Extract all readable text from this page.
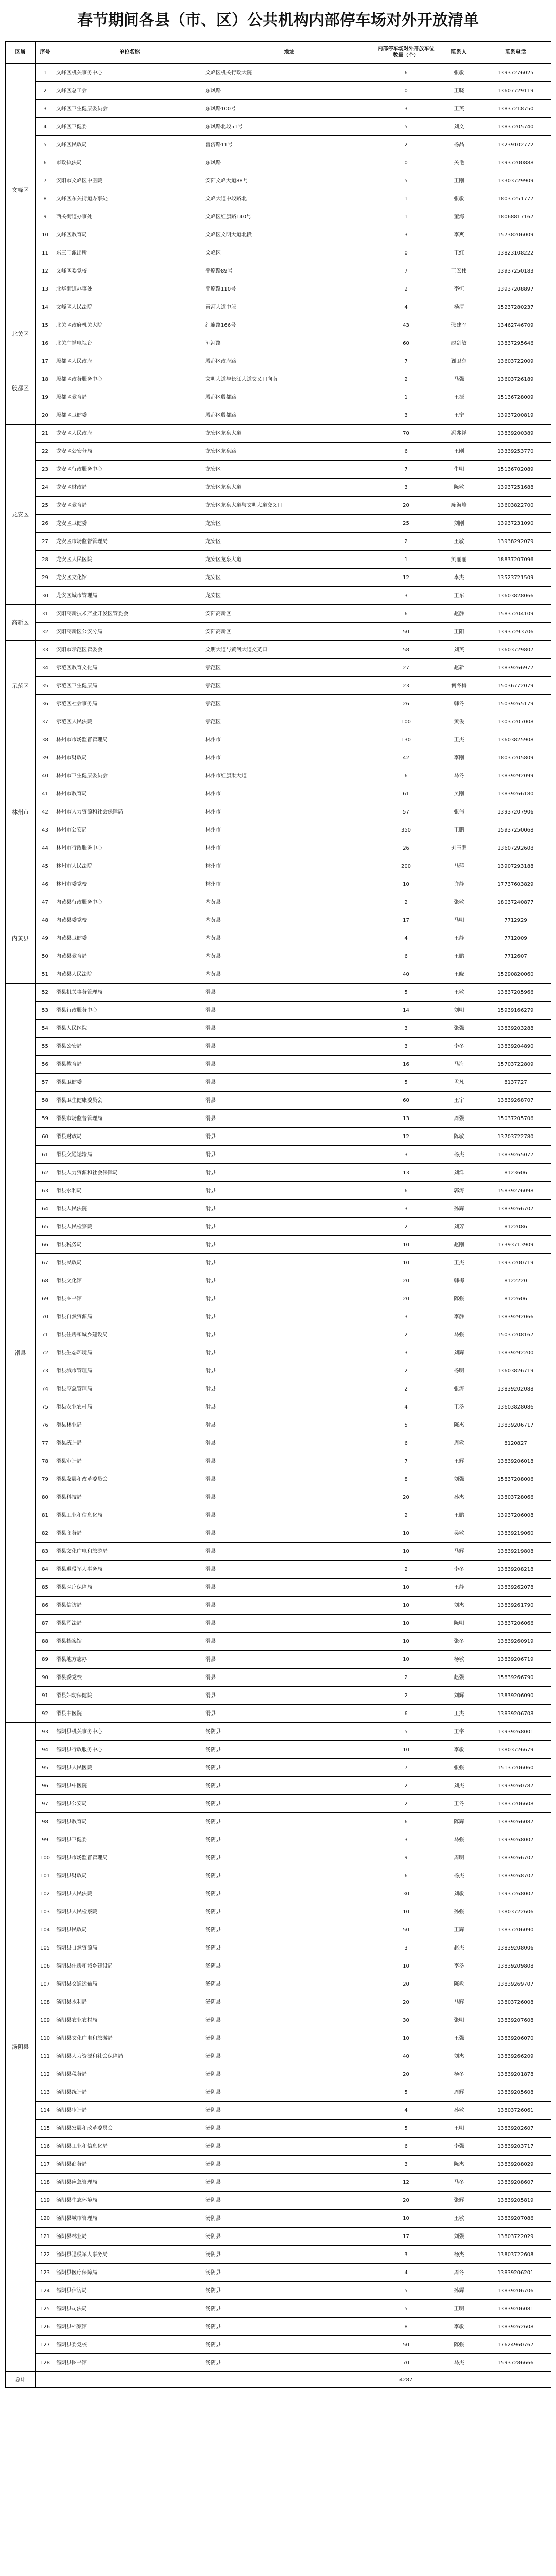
春节期间各县（市、区）公共机构内部停车场对外开放清单
区属	序号	单位名称	地址	内部停车场对外开放车位数量（个）	联系人	联系电话
文峰区	1	文峰区机关事务中心	文峰区机关行政大院	6	张敏	13937276025
	2	文峰区总工会	东风路	0	王晓	13607729119
	3	文峰区卫生健康委员会	东风路100号	3	王英	13837218750
	4	文峰区卫健委	东风路北段51号	5	刘文	13837205740
	5	文峰区民政局	普济路11号	2	杨晶	13239102772
	6	市政执法局	东风路	0	关艳	13937200888
	7	安阳市文峰区中医院	安阳文峰大道88号	5	王刚	13303729909
	8	文峰区东关街道办事处	文峰大道中段路北	1	张敏	18037251777
	9	西关街道办事处	文峰区红旗路140号	1	董海	18068817167
	10	文峰区教育局	文峰区文明大道北段	3	李爽	15738206009
	11	东三门派出所	文峰区	0	王红	13823108222
	12	文峰区委党校	平原路89号	7	王宏伟	13937250183
	13	北华街道办事处	平原路110号	2	李恒	13937208897
	14	文峰区人民法院	黄河大道中段	4	杨清	15237280237
北关区	15	北关区政府机关大院	红旗路166号	43	张建军	13462746709
	16	北关广播电视台	洹河路	60	赵剑敏	13837295646
殷都区	17	殷都区人民政府	殷都区政府路	7	谢卫东	13603722009
	18	殷都区政务服务中心	文明大道与长江大道交叉口向南	2	马强	13603726189
	19	殷都区教育局	殷都区殷都路	1	王振	15136728009
	20	殷都区卫健委	殷都区殷都路	3	王宁	13937200819
龙安区	21	龙安区人民政府	龙安区龙泉大道	70	冯兆祥	13839200389
	22	龙安区公安分局	龙安区龙泉路	6	王刚	13339253770
	23	龙安区行政服务中心	龙安区	7	牛明	15136702089
	24	龙安区财政局	龙安区龙泉大道	3	陈敏	13937251688
	25	龙安区教育局	龙安区龙泉大道与文明大道交叉口	20	庞海峰	13603822700
	26	龙安区卫健委	龙安区	25	刘刚	13937231090
	27	龙安区市场监督管理局	龙安区	2	王敏	13938292079
	28	龙安区人民医院	龙安区龙泉大道	1	刘丽丽	18837207096
	29	龙安区文化馆	龙安区	12	李杰	13523721509
	30	龙安区城市管理局	龙安区	3	王东	13603828066
高新区	31	安阳高新技术产业开发区管委会	安阳高新区	6	赵静	15837204109
	32	安阳高新区公安分局	安阳高新区	50	王阳	13937293706
示范区	33	安阳市示范区管委会	文明大道与黄河大道交叉口	58	刘英	13603729807
	34	示范区教育文化局	示范区	27	赵新	13839266977
	35	示范区卫生健康局	示范区	23	何冬梅	15036772079
	36	示范区社会事务局	示范区	26	韩冬	15039265179
	37	示范区人民法院	示范区	100	黄俊	13037207008
林州市	38	林州市市场监督管理局	林州市	130	王杰	13603825908
	39	林州市财政局	林州市	42	李刚	18037205809
	40	林州市卫生健康委员会	林州市红旗渠大道	6	马冬	13839292099
	41	林州市教育局	林州市	61	吴刚	13839266180
	42	林州市人力资源和社会保障局	林州市	57	张伟	13937207906
	43	林州市公安局	林州市	350	王鹏	15937250068
	44	林州市行政服务中心	林州市	26	刘玉鹏	13607292608
	45	林州市人民法院	林州市	200	马萍	13907293188
	46	林州市委党校	林州市	10	许静	17737603829
内黄县	47	内黄县行政服务中心	内黄县	2	张敏	18037240877
	48	内黄县委党校	内黄县	17	马明	7712929
	49	内黄县卫健委	内黄县	4	王静	7712009
	50	内黄县教育局	内黄县	6	王鹏	7712607
	51	内黄县人民法院	内黄县	40	王晓	15290820060
滑县	52	滑县机关事务管理局	滑县	5	王敏	13837205966
	53	滑县行政服务中心	滑县	14	刘明	15939166279
	54	滑县人民医院	滑县	3	张强	13839203288
	55	滑县公安局	滑县	3	李冬	13839204890
	56	滑县教育局	滑县	16	马海	15703722809
	57	滑县卫健委	滑县	5	孟凡	8137727
	58	滑县卫生健康委员会	滑县	60	王宇	13839268707
	59	滑县市场监督管理局	滑县	13	周强	15037205706
	60	滑县财政局	滑县	12	陈敏	13703722780
	61	滑县交通运输局	滑县	3	杨杰	13839265077
	62	滑县人力资源和社会保障局	滑县	13	刘洋	8123606
	63	滑县水利局	滑县	6	郭涛	15839276098
	64	滑县人民法院	滑县	3	孙辉	13839266707
	65	滑县人民检察院	滑县	2	刘芳	8122086
	66	滑县税务局	滑县	10	赵刚	17393713909
	67	滑县民政局	滑县	10	王杰	13937200719
	68	滑县文化馆	滑县	20	韩梅	8122220
	69	滑县图书馆	滑县	20	陈强	8122606
	70	滑县自然资源局	滑县	3	李静	13839292066
	71	滑县住房和城乡建设局	滑县	2	马强	15037208167
	72	滑县生态环境局	滑县	3	刘辉	13839292200
	73	滑县城市管理局	滑县	2	杨明	13603826719
	74	滑县应急管理局	滑县	2	张涛	13839202088
	75	滑县农业农村局	滑县	4	王冬	13603828086
	76	滑县林业局	滑县	5	陈杰	13839206717
	77	滑县统计局	滑县	6	周敏	8120827
	78	滑县审计局	滑县	7	王辉	13839206018
	79	滑县发展和改革委员会	滑县	8	刘强	15837208006
	80	滑县科技局	滑县	20	孙杰	13803728066
	81	滑县工业和信息化局	滑县	2	王鹏	13937206008
	82	滑县商务局	滑县	10	吴敏	13839219060
	83	滑县文化广电和旅游局	滑县	10	马辉	13839219808
	84	滑县退役军人事务局	滑县	2	李冬	13839208218
	85	滑县医疗保障局	滑县	10	王静	13839262078
	86	滑县信访局	滑县	10	刘杰	13839261790
	87	滑县司法局	滑县	10	陈明	13837206066
	88	滑县档案馆	滑县	10	张冬	13839260919
	89	滑县地方志办	滑县	10	杨敏	13839206719
	90	滑县委党校	滑县	2	赵强	15839266790
	91	滑县妇幼保健院	滑县	2	刘辉	13839206090
	92	滑县中医院	滑县	6	王杰	13839206708
汤阴县	93	汤阴县机关事务中心	汤阴县	5	王宇	13939268001
	94	汤阴县行政服务中心	汤阴县	10	李敏	13803726679
	95	汤阴县人民医院	汤阴县	7	张强	15137206060
	96	汤阴县中医院	汤阴县	2	刘杰	13939260787
	97	汤阴县公安局	汤阴县	2	王冬	13837206608
	98	汤阴县教育局	汤阴县	6	陈辉	13839266087
	99	汤阴县卫健委	汤阴县	3	马强	13939268007
	100	汤阴县市场监督管理局	汤阴县	9	周明	13839266707
	101	汤阴县财政局	汤阴县	6	杨杰	13839268707
	102	汤阴县人民法院	汤阴县	30	刘敏	13937268007
	103	汤阴县人民检察院	汤阴县	10	孙强	13803722606
	104	汤阴县民政局	汤阴县	50	王辉	13837206090
	105	汤阴县自然资源局	汤阴县	3	赵杰	13839208006
	106	汤阴县住房和城乡建设局	汤阴县	10	李冬	13839209808
	107	汤阴县交通运输局	汤阴县	20	陈敏	13839269707
	108	汤阴县水利局	汤阴县	20	马辉	13803726008
	109	汤阴县农业农村局	汤阴县	30	张明	13839207608
	110	汤阴县文化广电和旅游局	汤阴县	10	王强	13839206070
	111	汤阴县人力资源和社会保障局	汤阴县	40	刘杰	13839266209
	112	汤阴县税务局	汤阴县	20	杨冬	13839201878
	113	汤阴县统计局	汤阴县	5	周辉	13839205608
	114	汤阴县审计局	汤阴县	4	孙敏	13803726061
	115	汤阴县发展和改革委员会	汤阴县	5	王明	13839202607
	116	汤阴县工业和信息化局	汤阴县	6	李强	13839203717
	117	汤阴县商务局	汤阴县	3	陈杰	13839208029
	118	汤阴县应急管理局	汤阴县	12	马冬	13839208607
	119	汤阴县生态环境局	汤阴县	20	张辉	13839205819
	120	汤阴县城市管理局	汤阴县	10	王敏	13839207086
	121	汤阴县林业局	汤阴县	17	刘强	13803722029
	122	汤阴县退役军人事务局	汤阴县	3	杨杰	13803722608
	123	汤阴县医疗保障局	汤阴县	4	周冬	13839206201
	124	汤阴县信访局	汤阴县	5	孙辉	13839206706
	125	汤阴县司法局	汤阴县	5	王明	13839206081
	126	汤阴县档案馆	汤阴县	8	李敏	13839262608
	127	汤阴县委党校	汤阴县	50	陈强	17624960767
	128	汤阴县图书馆	汤阴县	70	马杰	15937286666
总计				4287		
